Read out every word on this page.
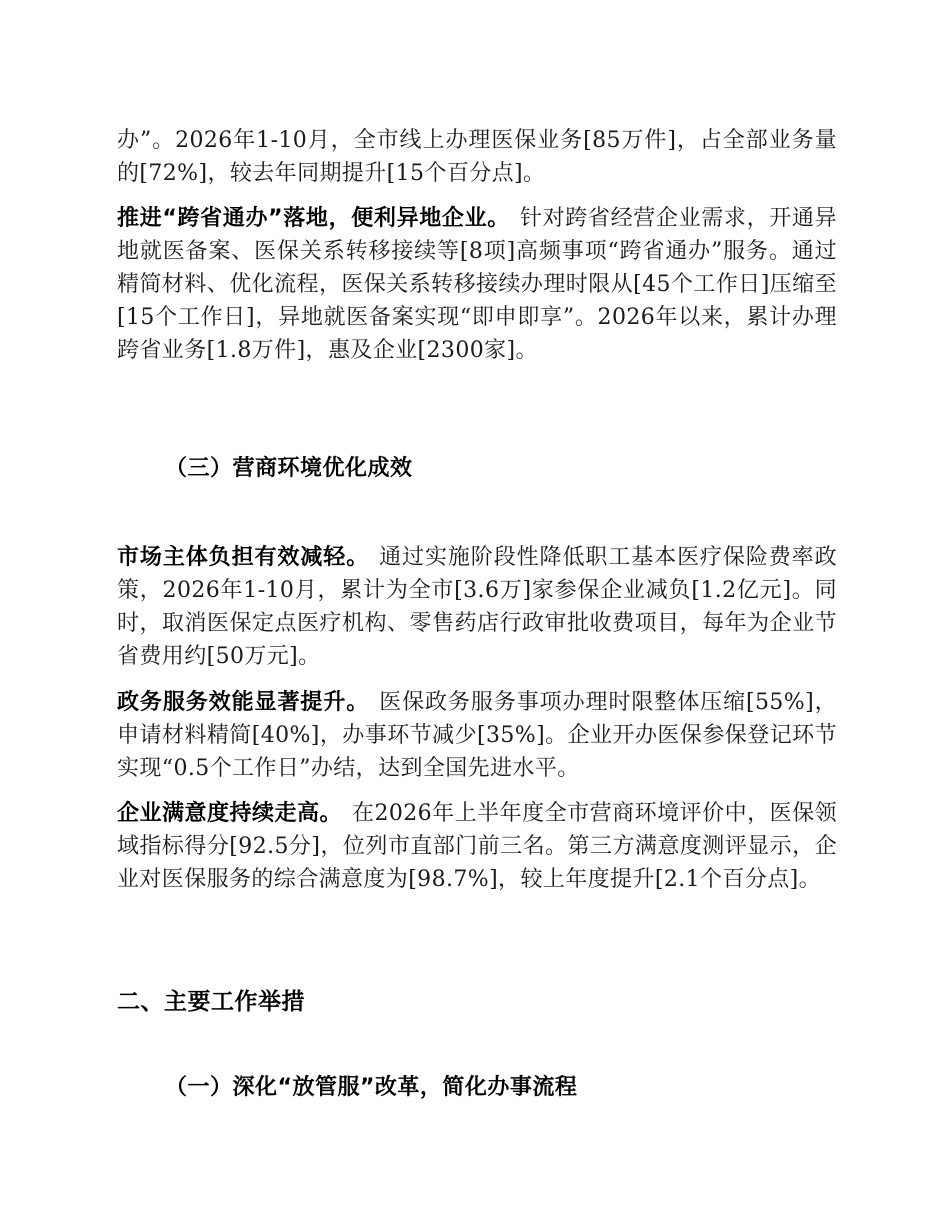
办”。2026年1-10月，全市线上办理医保业务[85万件]，占全部业务量的[72%]，较去年同期提升[15个百分点]。

推进“跨省通办”落地，便利异地企业。 针对跨省经营企业需求，开通异地就医备案、医保关系转移接续等[8项]高频事项“跨省通办”服务。通过精简材料、优化流程，医保关系转移接续办理时限从[45个工作日]压缩至[15个工作日]，异地就医备案实现“即申即享”。2026年以来，累计办理跨省业务[1.8万件]，惠及企业[2300家]。

（三）营商环境优化成效

市场主体负担有效减轻。 通过实施阶段性降低职工基本医疗保险费率政策，2026年1-10月，累计为全市[3.6万]家参保企业减负[1.2亿元]。同时，取消医保定点医疗机构、零售药店行政审批收费项目，每年为企业节省费用约[50万元]。

政务服务效能显著提升。 医保政务服务事项办理时限整体压缩[55%]，申请材料精简[40%]，办事环节减少[35%]。企业开办医保参保登记环节实现“0.5个工作日”办结，达到全国先进水平。

企业满意度持续走高。 在2026年上半年度全市营商环境评价中，医保领域指标得分[92.5分]，位列市直部门前三名。第三方满意度测评显示，企业对医保服务的综合满意度为[98.7%]，较上年度提升[2.1个百分点]。

二、主要工作举措
（一）深化“放管服”改革，简化办事流程
